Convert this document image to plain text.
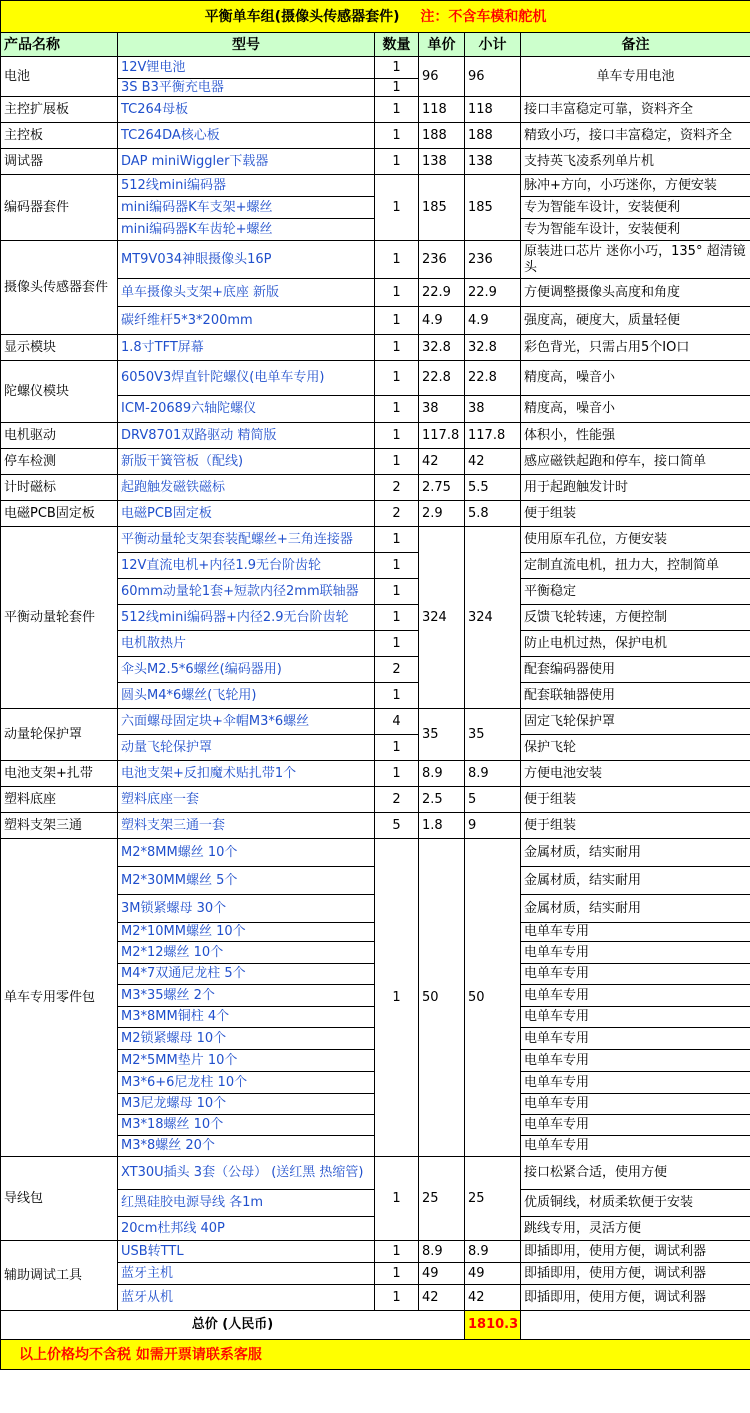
平衡单车组(摄像头传感器套件) 注：不含车模和舵机					
产品名称	型号	数量	单价	小计	备注
电池	12V锂电池	1	96	96	单车专用电池
	3S B3平衡充电器	1			
主控扩展板	TC264母板	1	118	118	接口丰富稳定可靠，资料齐全
主控板	TC264DA核心板	1	188	188	精致小巧，接口丰富稳定，资料齐全
调试器	DAP miniWiggler下载器	1	138	138	支持英飞凌系列单片机
编码器套件	512线mini编码器	1	185	185	脉冲+方向，小巧迷你，方便安装
	mini编码器K车支架+螺丝				专为智能车设计，安装便利
	mini编码器K车齿轮+螺丝				专为智能车设计，安装便利
摄像头传感器套件	MT9V034神眼摄像头16P	1	236	236	原装进口芯片 迷你小巧，135° 超清镜头
	单车摄像头支架+底座 新版	1	22.9	22.9	方便调整摄像头高度和角度
	碳纤维杆5*3*200mm	1	4.9	4.9	强度高，硬度大，质量轻便
显示模块	1.8寸TFT屏幕	1	32.8	32.8	彩色背光，只需占用5个IO口
陀螺仪模块	6050V3焊直针陀螺仪(电单车专用)	1	22.8	22.8	精度高，噪音小
	ICM-20689六轴陀螺仪	1	38	38	精度高，噪音小
电机驱动	DRV8701双路驱动 精简版	1	117.8	117.8	体积小，性能强
停车检测	新版干簧管板（配线)	1	42	42	感应磁铁起跑和停车，接口简单
计时磁标	起跑触发磁铁磁标	2	2.75	5.5	用于起跑触发计时
电磁PCB固定板	电磁PCB固定板	2	2.9	5.8	便于组装
平衡动量轮套件	平衡动量轮支架套装配螺丝+三角连接器	1	324	324	使用原车孔位，方便安装
	12V直流电机+内径1.9无台阶齿轮	1			定制直流电机，扭力大，控制简单
	60mm动量轮1套+短款内径2mm联轴器	1			平衡稳定
	512线mini编码器+内径2.9无台阶齿轮	1			反馈飞轮转速，方便控制
	电机散热片	1			防止电机过热，保护电机
	伞头M2.5*6螺丝(编码器用)	2			配套编码器使用
	圆头M4*6螺丝(飞轮用)	1			配套联轴器使用
动量轮保护罩	六面螺母固定块+伞帽M3*6螺丝	4	35	35	固定飞轮保护罩
	动量飞轮保护罩	1			保护飞轮
电池支架+扎带	电池支架+反扣魔术贴扎带1个	1	8.9	8.9	方便电池安装
塑料底座	塑料底座一套	2	2.5	5	便于组装
塑料支架三通	塑料支架三通一套	5	1.8	9	便于组装
单车专用零件包	M2*8MM螺丝 10个	1	50	50	金属材质，结实耐用
	M2*30MM螺丝 5个				金属材质，结实耐用
	3M锁紧螺母 30个				金属材质，结实耐用
	M2*10MM螺丝 10个				电单车专用
	M2*12螺丝 10个				电单车专用
	M4*7双通尼龙柱 5个				电单车专用
	M3*35螺丝 2个				电单车专用
	M3*8MM铜柱 4个				电单车专用
	M2锁紧螺母 10个				电单车专用
	M2*5MM垫片 10个				电单车专用
	M3*6+6尼龙柱 10个				电单车专用
	M3尼龙螺母 10个				电单车专用
	M3*18螺丝 10个				电单车专用
	M3*8螺丝 20个				电单车专用
导线包	XT30U插头 3套（公母） (送红黑 热缩管)	1	25	25	接口松紧合适，使用方便
	红黑硅胶电源导线 各1m				优质铜线，材质柔软便于安装
	20cm杜邦线 40P				跳线专用，灵活方便
辅助调试工具	USB转TTL	1	8.9	8.9	即插即用，使用方便，调试利器
	蓝牙主机	1	49	49	即插即用，使用方便，调试利器
	蓝牙从机	1	42	42	即插即用，使用方便，调试利器
总价 (人民币)				1810.3	
以上价格均不含税 如需开票请联系客服					
